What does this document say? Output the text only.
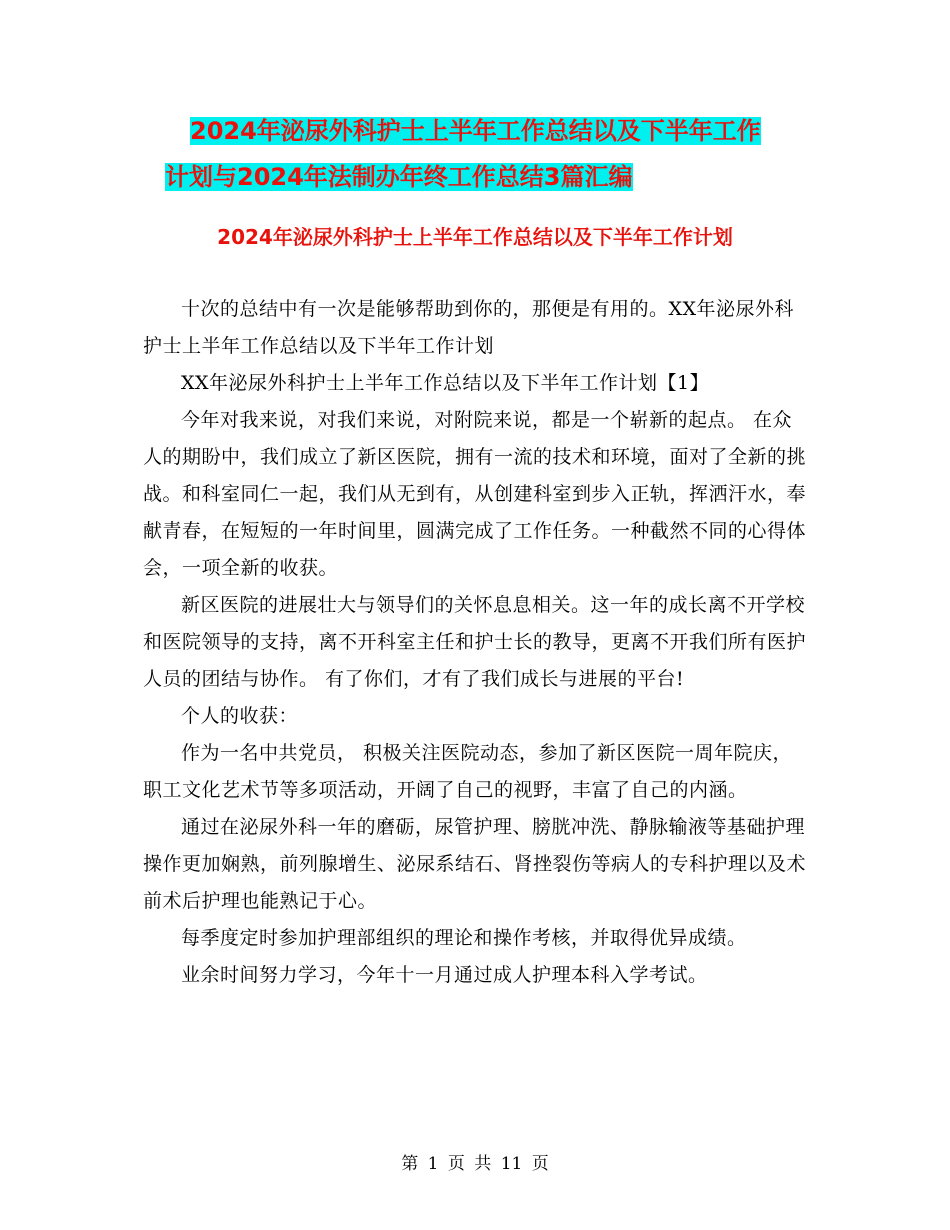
2024年泌尿外科护士上半年工作总结以及下半年工作
计划与2024年法制办年终工作总结3篇汇编
2024年泌尿外科护士上半年工作总结以及下半年工作计划

十次的总结中有一次是能够帮助到你的，那便是有用的。XX年泌尿外科护士上半年工作总结以及下半年工作计划

XX年泌尿外科护士上半年工作总结以及下半年工作计划【1】

今年对我来说，对我们来说，对附院来说，都是一个崭新的起点。 在众人的期盼中，我们成立了新区医院，拥有一流的技术和环境，面对了全新的挑战。和科室同仁一起，我们从无到有，从创建科室到步入正轨，挥洒汗水，奉献青春，在短短的一年时间里，圆满完成了工作任务。一种截然不同的心得体会，一项全新的收获。

新区医院的进展壮大与领导们的关怀息息相关。这一年的成长离不开学校和医院领导的支持，离不开科室主任和护士长的教导，更离不开我们所有医护人员的团结与协作。 有了你们，才有了我们成长与进展的平台!

个人的收获：

作为一名中共党员， 积极关注医院动态，参加了新区医院一周年院庆，职工文化艺术节等多项活动，开阔了自己的视野，丰富了自己的内涵。

通过在泌尿外科一年的磨砺，尿管护理、膀胱冲洗、静脉输液等基础护理操作更加娴熟，前列腺增生、泌尿系结石、肾挫裂伤等病人的专科护理以及术前术后护理也能熟记于心。

每季度定时参加护理部组织的理论和操作考核，并取得优异成绩。

业余时间努力学习，今年十一月通过成人护理本科入学考试。

第 1 页 共 11 页
